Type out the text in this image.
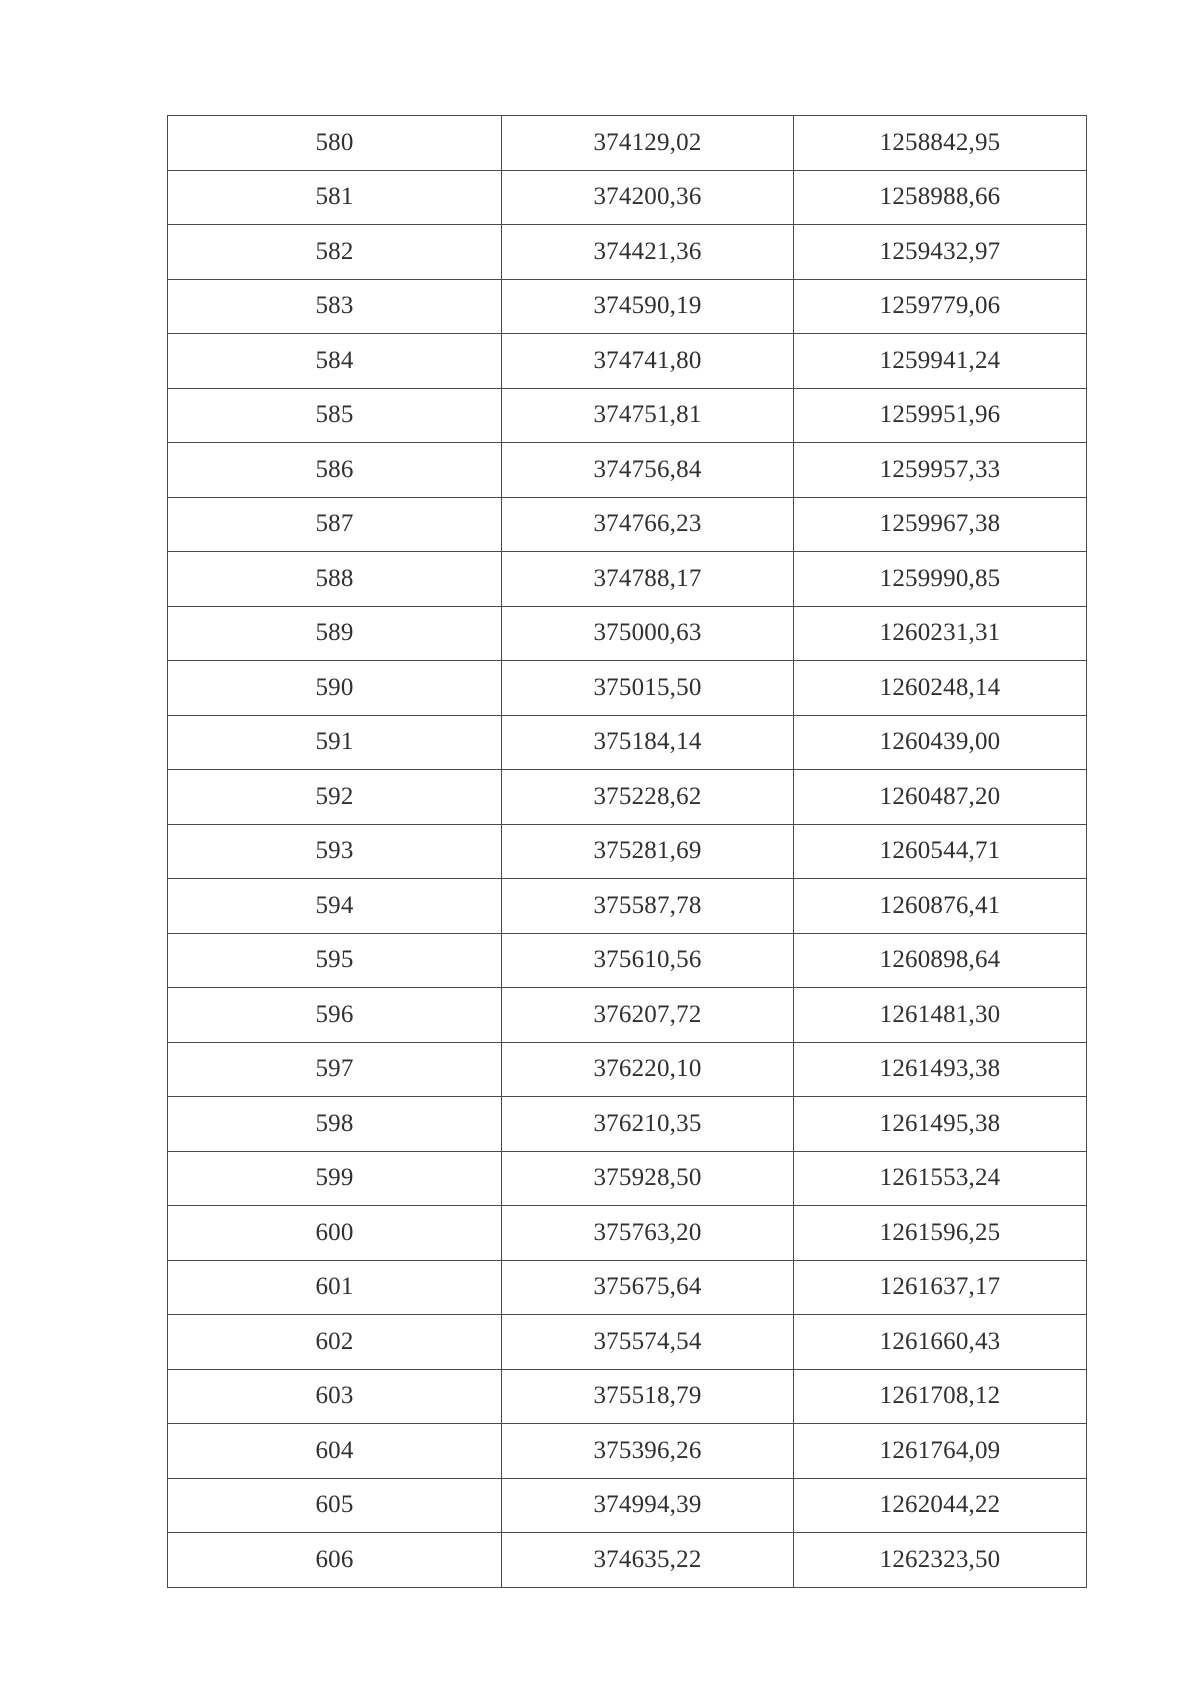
580	374129,02	1258842,95
581	374200,36	1258988,66
582	374421,36	1259432,97
583	374590,19	1259779,06
584	374741,80	1259941,24
585	374751,81	1259951,96
586	374756,84	1259957,33
587	374766,23	1259967,38
588	374788,17	1259990,85
589	375000,63	1260231,31
590	375015,50	1260248,14
591	375184,14	1260439,00
592	375228,62	1260487,20
593	375281,69	1260544,71
594	375587,78	1260876,41
595	375610,56	1260898,64
596	376207,72	1261481,30
597	376220,10	1261493,38
598	376210,35	1261495,38
599	375928,50	1261553,24
600	375763,20	1261596,25
601	375675,64	1261637,17
602	375574,54	1261660,43
603	375518,79	1261708,12
604	375396,26	1261764,09
605	374994,39	1262044,22
606	374635,22	1262323,50
